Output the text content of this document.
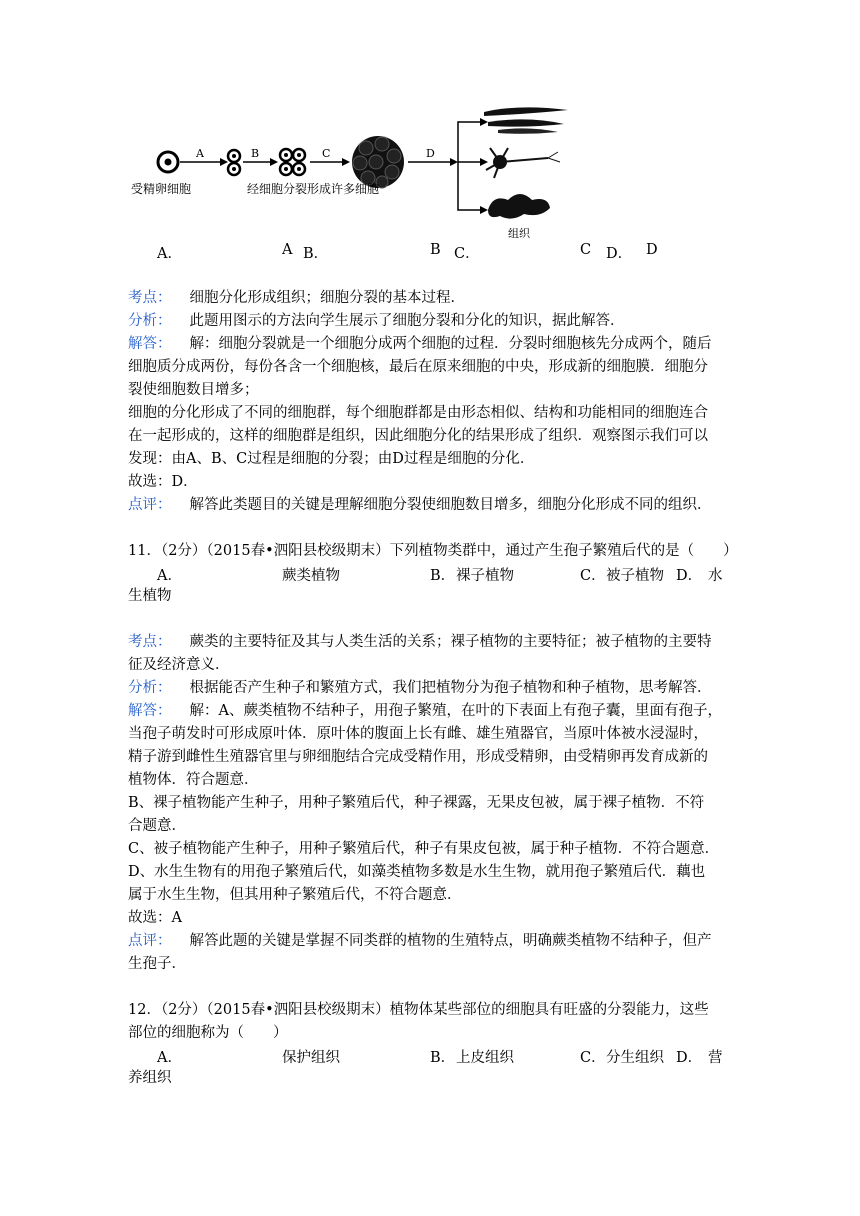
A	B	C	D
受精卵细胞	经细胞分裂形成许多细胞
组织
A．	A B．	B C．	C D． D
考点： 细胞分化形成组织；细胞分裂的基本过程．
分析： 此题用图示的方法向学生展示了细胞分裂和分化的知识，据此解答．
解答： 解：细胞分裂就是一个细胞分成两个细胞的过程．分裂时细胞核先分成两个，随后
细胞质分成两份，每份各含一个细胞核，最后在原来细胞的中央，形成新的细胞膜．细胞分
裂使细胞数目增多；
细胞的分化形成了不同的细胞群，每个细胞群都是由形态相似、结构和功能相同的细胞连合
在一起形成的，这样的细胞群是组织，因此细胞分化的结果形成了组织．观察图示我们可以
发现：由A、B、C过程是细胞的分裂；由D过程是细胞的分化．
故选：D．
点评： 解答此类题目的关键是理解细胞分裂使细胞数目增多，细胞分化形成不同的组织．
11．（2分）（2015春•泗阳县校级期末）下列植物类群中，通过产生孢子繁殖后代的是（　　）
A．	蕨类植物	B． 裸子植物	C． 被子植物 D． 水
生植物
考点： 蕨类的主要特征及其与人类生活的关系；裸子植物的主要特征；被子植物的主要特
征及经济意义．
分析： 根据能否产生种子和繁殖方式，我们把植物分为孢子植物和种子植物，思考解答．
解答： 解：A、蕨类植物不结种子，用孢子繁殖，在叶的下表面上有孢子囊，里面有孢子，
当孢子萌发时可形成原叶体．原叶体的腹面上长有雌、雄生殖器官，当原叶体被水浸湿时，
精子游到雌性生殖器官里与卵细胞结合完成受精作用，形成受精卵，由受精卵再发育成新的
植物体．符合题意．
B、裸子植物能产生种子，用种子繁殖后代，种子裸露，无果皮包被，属于裸子植物．不符
合题意．
C、被子植物能产生种子，用种子繁殖后代，种子有果皮包被，属于种子植物．不符合题意．
D、水生生物有的用孢子繁殖后代，如藻类植物多数是水生生物，就用孢子繁殖后代．藕也
属于水生生物，但其用种子繁殖后代，不符合题意．
故选：A
点评： 解答此题的关键是掌握不同类群的植物的生殖特点，明确蕨类植物不结种子，但产
生孢子．
12．（2分）（2015春•泗阳县校级期末）植物体某些部位的细胞具有旺盛的分裂能力，这些
部位的细胞称为（　　）
A．	保护组织	B． 上皮组织	C． 分生组织 D． 营
养组织
